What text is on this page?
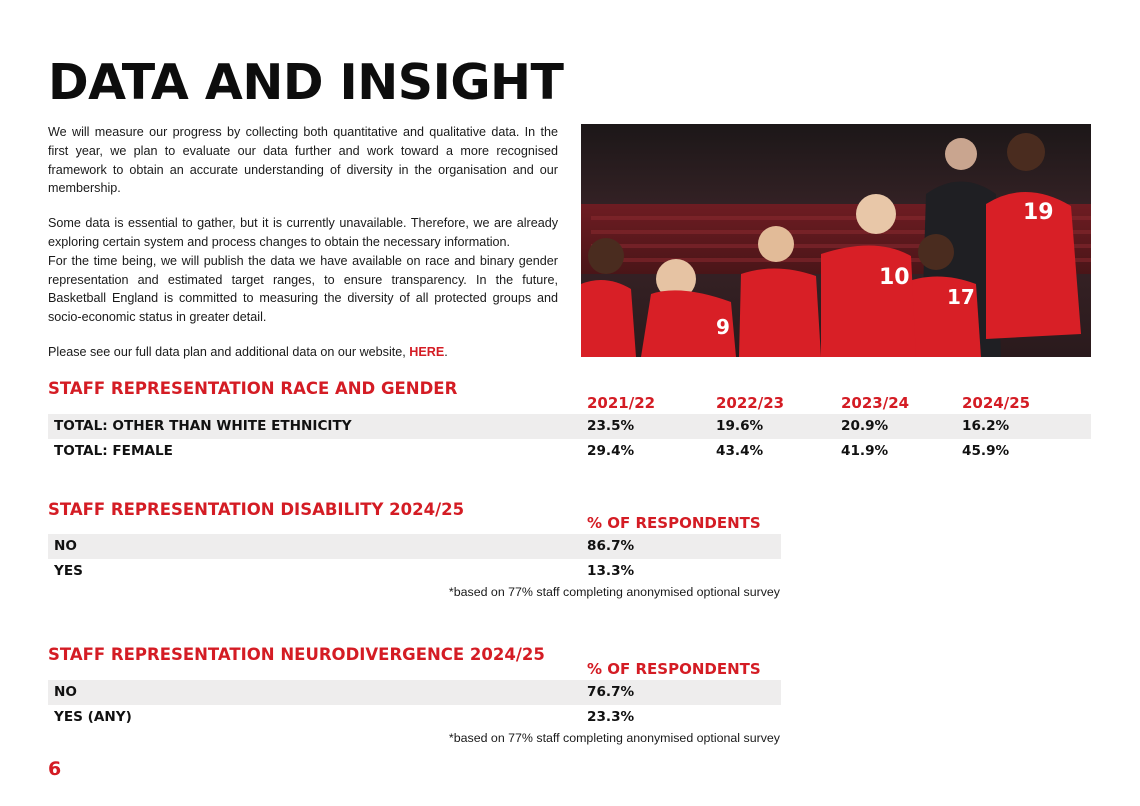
DATA AND INSIGHT

We will measure our progress by collecting both quantitative and qualitative data. In the first year, we plan to evaluate our data further and work toward a more recognised framework to obtain an accurate understanding of diversity in the organisation and our membership.

Some data is essential to gather, but it is currently unavailable. Therefore, we are already exploring certain system and process changes to obtain the necessary information.

For the time being, we will publish the data we have available on race and binary gender representation and estimated target ranges, to ensure transparency. In the future, Basketball England is committed to measuring the diversity of all protected groups and socio-economic status in greater detail.

Please see our full data plan and additional data on our website, HERE.

9
10
17
19
STAFF REPRESENTATION RACE AND GENDER
2021/22	2022/23	2023/24	2024/25
TOTAL: OTHER THAN WHITE ETHNICITY	23.5%	19.6%	20.9%	16.2%
TOTAL: FEMALE	29.4%	43.4%	41.9%	45.9%
STAFF REPRESENTATION DISABILITY 2024/25
% OF RESPONDENTS
NO	86.7%
YES	13.3%
*based on 77% staff completing anonymised optional survey
STAFF REPRESENTATION NEURODIVERGENCE 2024/25
% OF RESPONDENTS
NO	76.7%
YES (ANY)	23.3%
*based on 77% staff completing anonymised optional survey
6
